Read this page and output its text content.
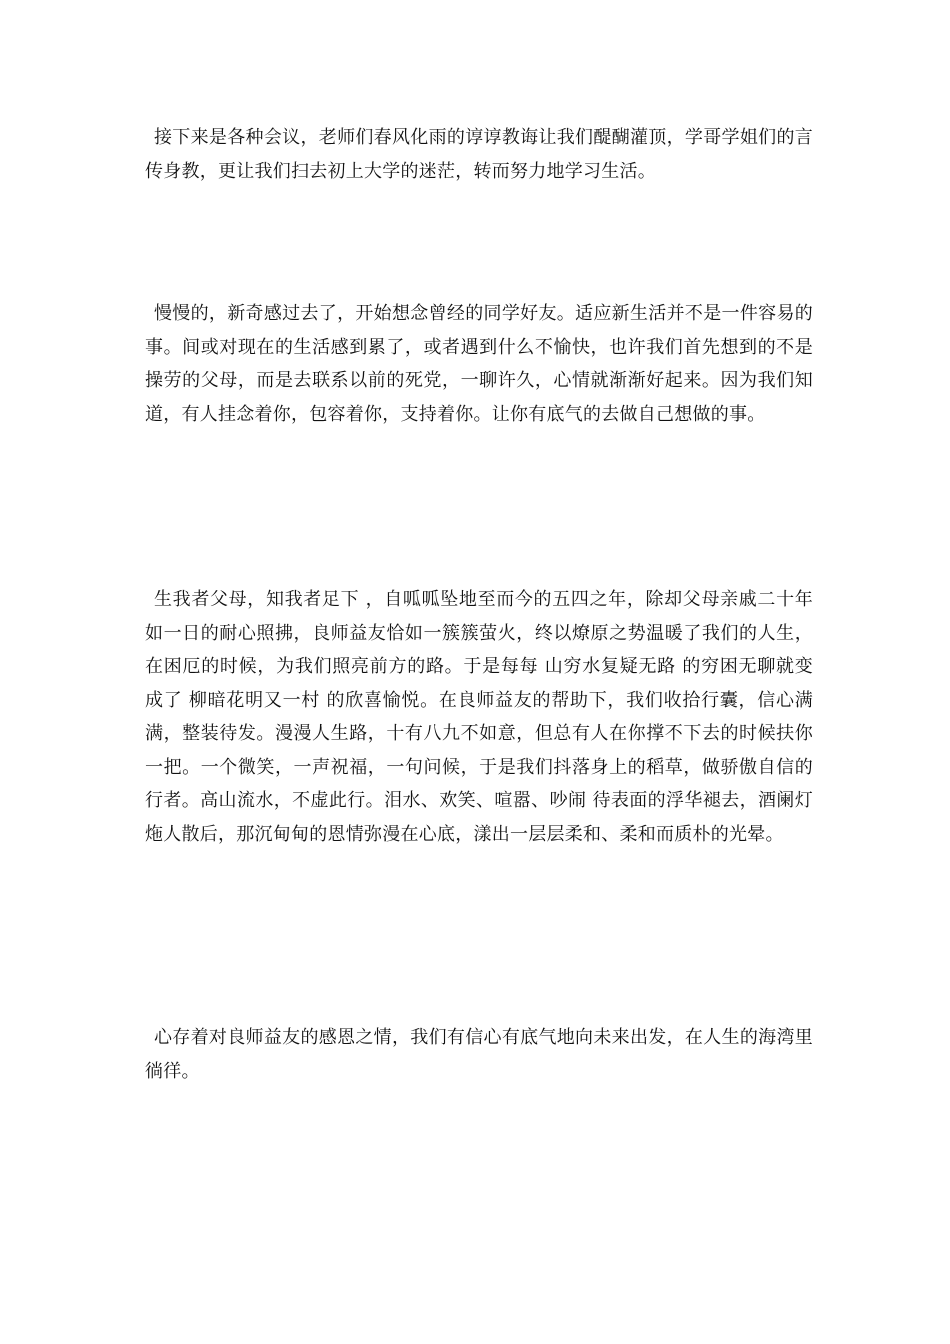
接下来是各种会议，老师们春风化雨的谆谆教诲让我们醍醐灌顶，学哥学姐们的言传身教，更让我们扫去初上大学的迷茫，转而努力地学习生活。

慢慢的，新奇感过去了，开始想念曾经的同学好友。适应新生活并不是一件容易的事。间或对现在的生活感到累了，或者遇到什么不愉快，也许我们首先想到的不是操劳的父母，而是去联系以前的死党，一聊许久，心情就渐渐好起来。因为我们知道，有人挂念着你，包容着你，支持着你。让你有底气的去做自己想做的事。

生我者父母，知我者足下 ，自呱呱坠地至而今的五四之年，除却父母亲戚二十年如一日的耐心照拂，良师益友恰如一簇簇萤火，终以燎原之势温暖了我们的人生，在困厄的时候，为我们照亮前方的路。于是每每 山穷水复疑无路 的穷困无聊就变成了 柳暗花明又一村 的欣喜愉悦。在良师益友的帮助下，我们收拾行囊，信心满满，整装待发。漫漫人生路，十有八九不如意，但总有人在你撑不下去的时候扶你一把。一个微笑，一声祝福，一句问候，于是我们抖落身上的稻草，做骄傲自信的行者。高山流水，不虚此行。泪水、欢笑、喧嚣、吵闹 待表面的浮华褪去，酒阑灯炧人散后，那沉甸甸的恩情弥漫在心底，漾出一层层柔和、柔和而质朴的光晕。

心存着对良师益友的感恩之情，我们有信心有底气地向未来出发，在人生的海湾里徜徉。
